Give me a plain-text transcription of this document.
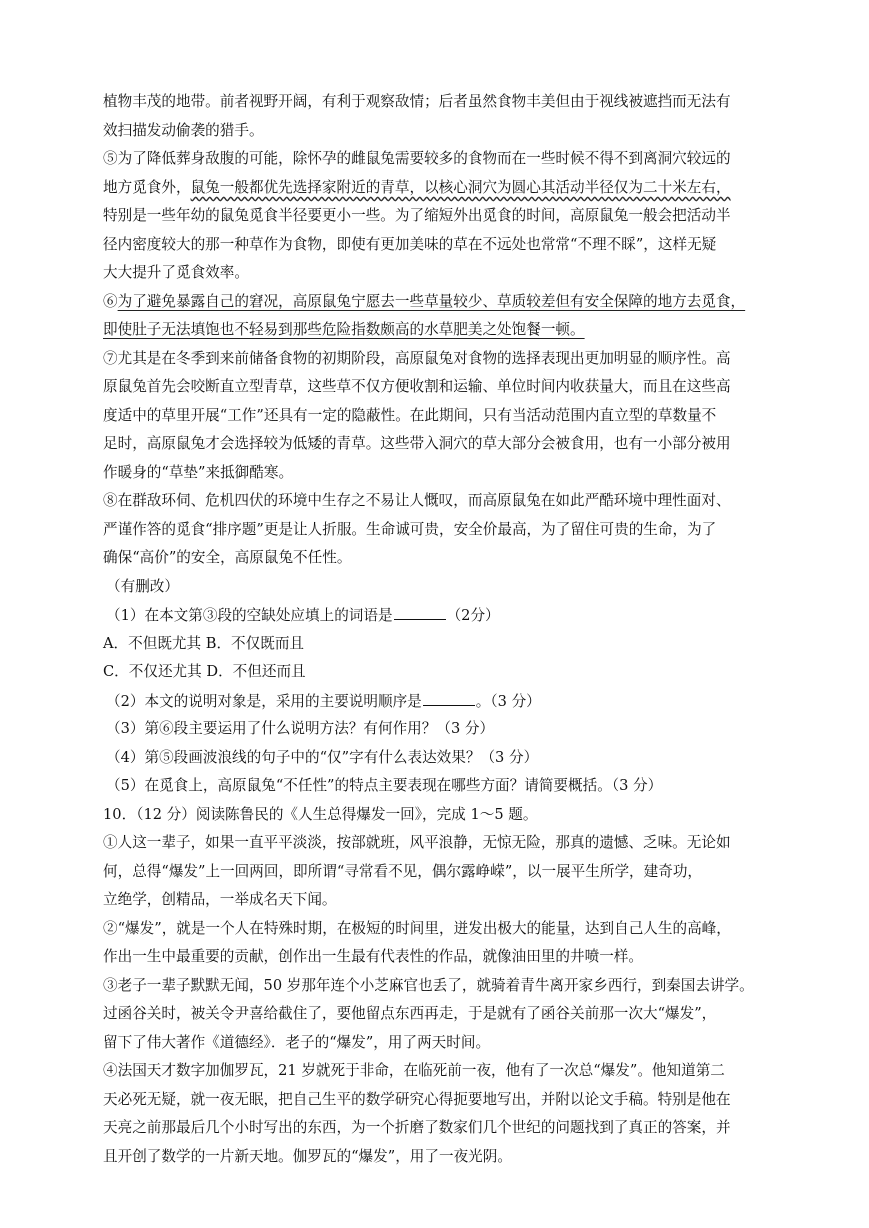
植物丰茂的地带。前者视野开阔，有利于观察敌情；后者虽然食物丰美但由于视线被遮挡而无法有
效扫描发动偷袭的猎手。
⑤为了降低葬身敌腹的可能，除怀孕的雌鼠兔需要较多的食物而在一些时候不得不到离洞穴较远的
地方觅食外，鼠兔一般都优先选择家附近的青草，以核心洞穴为圆心其活动半径仅为二十米左右，
特别是一些年幼的鼠兔觅食半径要更小一些。为了缩短外出觅食的时间，高原鼠兔一般会把活动半
径内密度较大的那一种草作为食物，即使有更加美味的草在不远处也常常“不理不睬”，这样无疑
大大提升了觅食效率。
⑥为了避免暴露自己的窘况，高原鼠兔宁愿去一些草量较少、草质较差但有安全保障的地方去觅食，
即使肚子无法填饱也不轻易到那些危险指数颇高的水草肥美之处饱餐一顿。
⑦尤其是在冬季到来前储备食物的初期阶段，高原鼠兔对食物的选择表现出更加明显的顺序性。高
原鼠兔首先会咬断直立型青草，这些草不仅方便收割和运输、单位时间内收获量大，而且在这些高
度适中的草里开展“工作”还具有一定的隐蔽性。在此期间，只有当活动范围内直立型的草数量不
足时，高原鼠兔才会选择较为低矮的青草。这些带入洞穴的草大部分会被食用，也有一小部分被用
作暖身的“草垫”来抵御酷寒。
⑧在群敌环伺、危机四伏的环境中生存之不易让人慨叹，而高原鼠兔在如此严酷环境中理性面对、
严谨作答的觅食“排序题”更是让人折服。生命诚可贵，安全价最高，为了留住可贵的生命，为了
确保“高价”的安全，高原鼠兔不任性。
（有删改）
（1）在本文第③段的空缺处应填上的词语是	（2分）
A．不但既尤其 B．不仅既而且
C．不仅还尤其 D．不但还而且
（2）本文的说明对象是，采用的主要说明顺序是	。（3 分）
（3）第⑥段主要运用了什么说明方法？有何作用？（3 分）
（4）第⑤段画波浪线的句子中的“仅”字有什么表达效果？（3 分）
（5）在觅食上，高原鼠兔“不任性”的特点主要表现在哪些方面？请简要概括。（3 分）
10．（12 分）阅读陈鲁民的《人生总得爆发一回》，完成 1～5 题。
①人这一辈子，如果一直平平淡淡，按部就班，风平浪静，无惊无险，那真的遗憾、乏味。无论如
何，总得“爆发”上一回两回，即所谓“寻常看不见，偶尔露峥嵘”，以一展平生所学，建奇功，
立绝学，创精品，一举成名天下闻。
②“爆发”，就是一个人在特殊时期，在极短的时间里，迸发出极大的能量，达到自己人生的高峰，
作出一生中最重要的贡献，创作出一生最有代表性的作品，就像油田里的井喷一样。
③老子一辈子默默无闻，50 岁那年连个小芝麻官也丢了，就骑着青牛离开家乡西行，到秦国去讲学。
过函谷关时，被关令尹喜给截住了，要他留点东西再走，于是就有了函谷关前那一次大“爆发”，
留下了伟大著作《道德经》．老子的“爆发”，用了两天时间。
④法国天才数字加伽罗瓦，21 岁就死于非命，在临死前一夜，他有了一次总“爆发”。他知道第二
天必死无疑，就一夜无眠，把自己生平的数学研究心得扼要地写出，并附以论文手稿。特别是他在
天亮之前那最后几个小时写出的东西，为一个折磨了数家们几个世纪的问题找到了真正的答案，并
且开创了数学的一片新天地。伽罗瓦的“爆发”，用了一夜光阴。
